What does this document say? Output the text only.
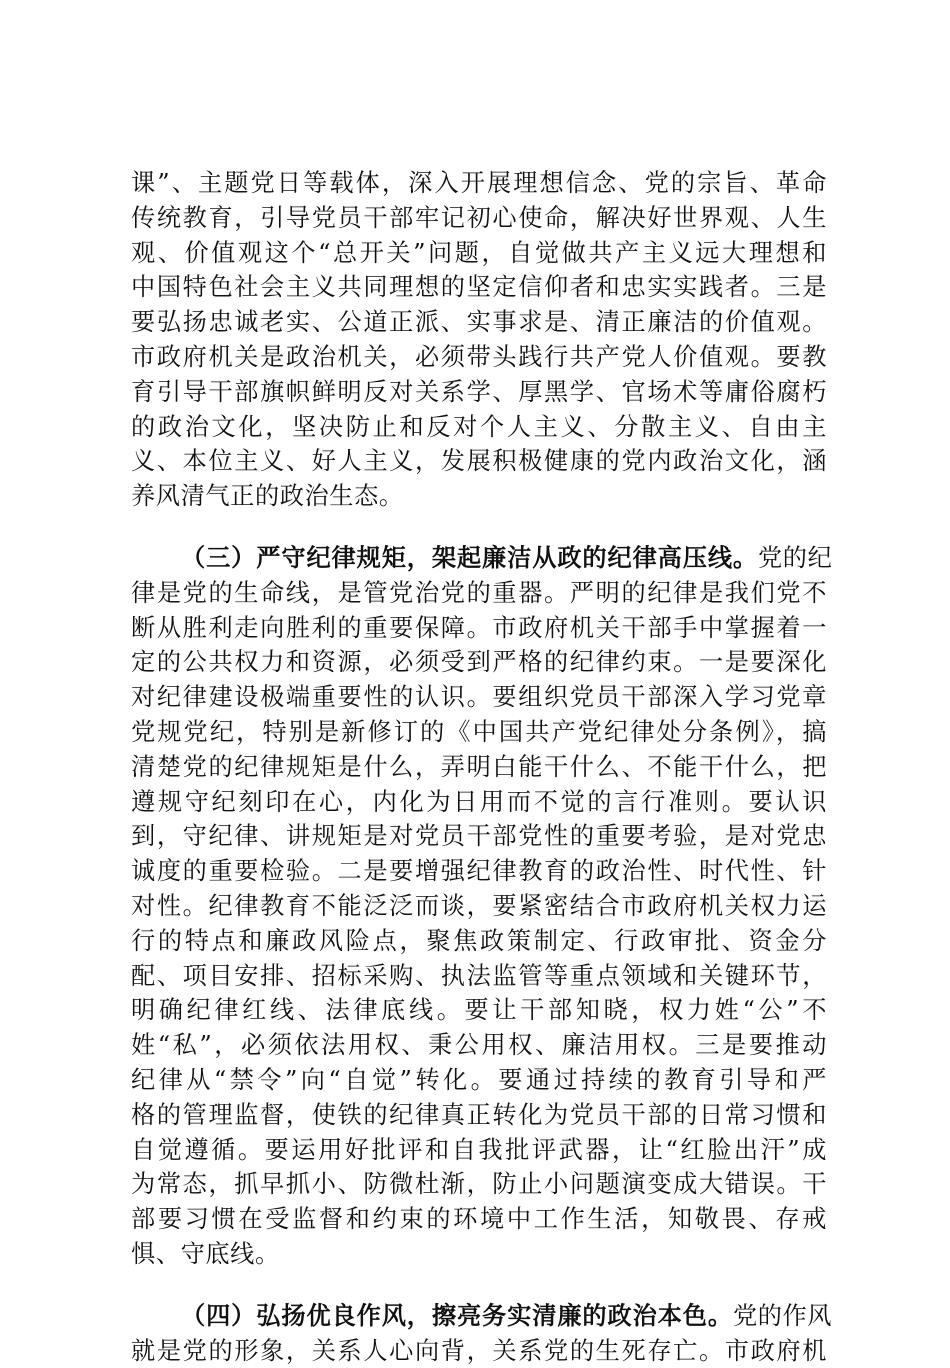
课”、主题党日等载体，深入开展理想信念、党的宗旨、革命
传统教育，引导党员干部牢记初心使命，解决好世界观、人生
观、价值观这个“总开关”问题，自觉做共产主义远大理想和
中国特色社会主义共同理想的坚定信仰者和忠实实践者。三是
要弘扬忠诚老实、公道正派、实事求是、清正廉洁的价值观。
市政府机关是政治机关，必须带头践行共产党人价值观。要教
育引导干部旗帜鲜明反对关系学、厚黑学、官场术等庸俗腐朽
的政治文化，坚决防止和反对个人主义、分散主义、自由主
义、本位主义、好人主义，发展积极健康的党内政治文化，涵
养风清气正的政治生态。
（三）严守纪律规矩，架起廉洁从政的纪律高压线。党的纪
律是党的生命线，是管党治党的重器。严明的纪律是我们党不
断从胜利走向胜利的重要保障。市政府机关干部手中掌握着一
定的公共权力和资源，必须受到严格的纪律约束。一是要深化
对纪律建设极端重要性的认识。要组织党员干部深入学习党章
党规党纪，特别是新修订的《中国共产党纪律处分条例》，搞
清楚党的纪律规矩是什么，弄明白能干什么、不能干什么，把
遵规守纪刻印在心，内化为日用而不觉的言行准则。要认识
到，守纪律、讲规矩是对党员干部党性的重要考验，是对党忠
诚度的重要检验。二是要增强纪律教育的政治性、时代性、针
对性。纪律教育不能泛泛而谈，要紧密结合市政府机关权力运
行的特点和廉政风险点，聚焦政策制定、行政审批、资金分
配、项目安排、招标采购、执法监管等重点领域和关键环节，
明确纪律红线、法律底线。要让干部知晓，权力姓“公”不
姓“私”，必须依法用权、秉公用权、廉洁用权。三是要推动
纪律从“禁令”向“自觉”转化。要通过持续的教育引导和严
格的管理监督，使铁的纪律真正转化为党员干部的日常习惯和
自觉遵循。要运用好批评和自我批评武器，让“红脸出汗”成
为常态，抓早抓小、防微杜渐，防止小问题演变成大错误。干
部要习惯在受监督和约束的环境中工作生活，知敬畏、存戒
惧、守底线。
（四）弘扬优良作风，擦亮务实清廉的政治本色。党的作风
就是党的形象，关系人心向背，关系党的生死存亡。市政府机
